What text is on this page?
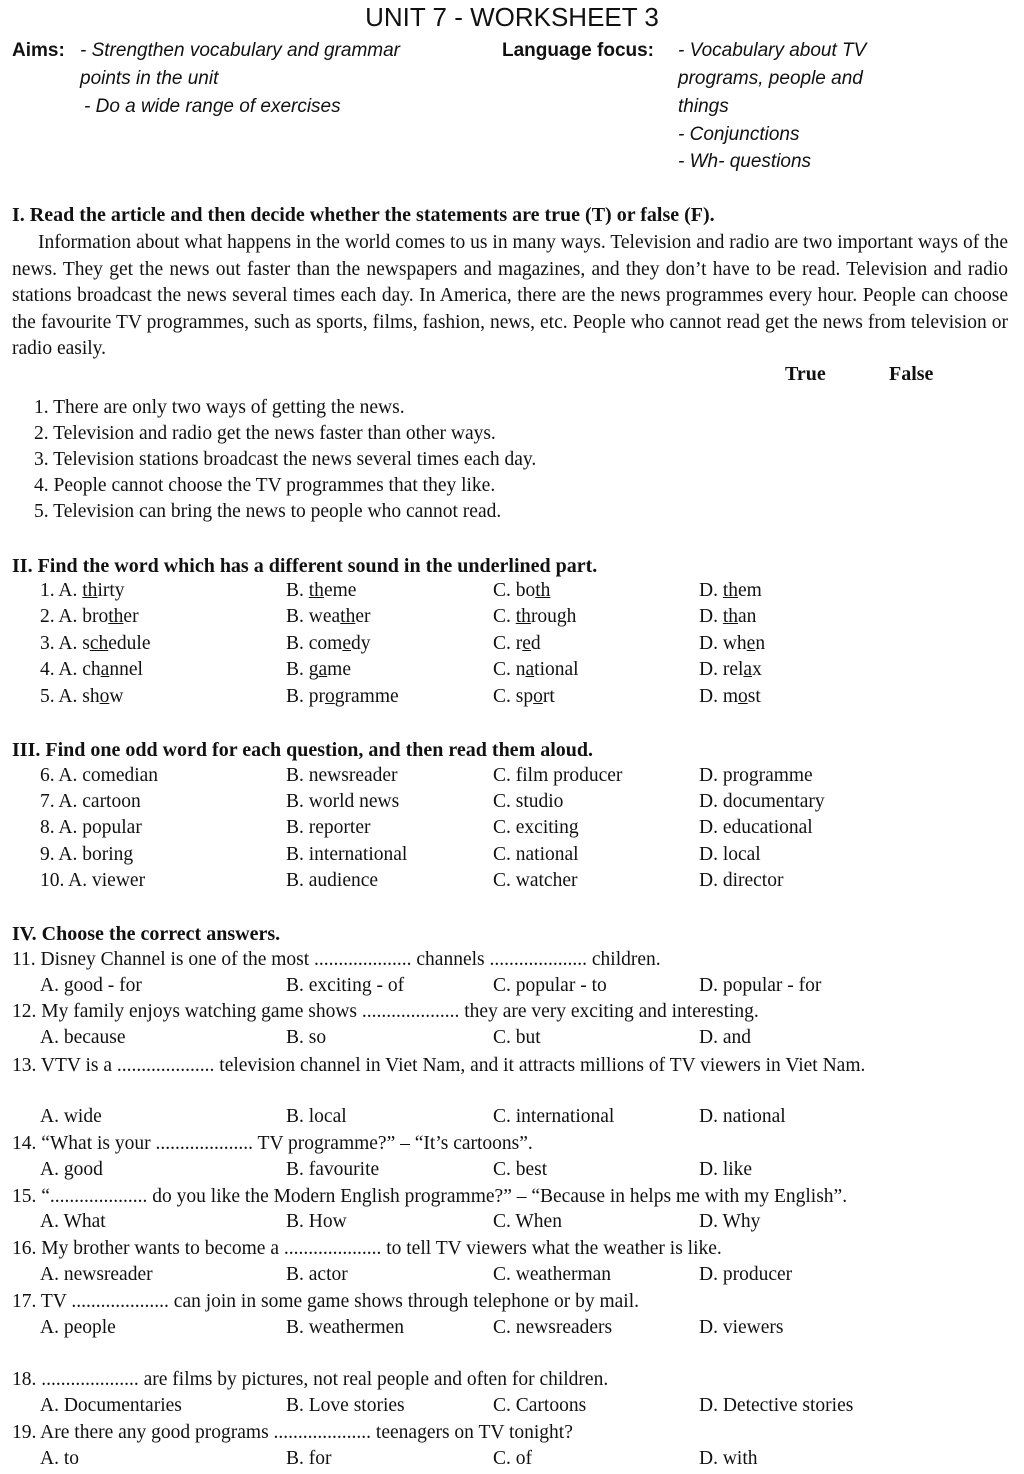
UNIT 7 - WORKSHEET 3
Aims: - Strengthen vocabulary and grammar
points in the unit
- Do a wide range of exercises
Language focus: - Vocabulary about TV
programs, people and
things
- Conjunctions
- Wh- questions
I. Read the article and then decide whether the statements are true (T) or false (F).
Information about what happens in the world comes to us in many ways. Television and radio are two important ways of the news. They get the news out faster than the newspapers and magazines, and they don’t have to be read. Television and radio stations broadcast the news several times each day. In America, there are the news programmes every hour. People can choose the favourite TV programmes, such as sports, films, fashion, news, etc. People who cannot read get the news from television or radio easily.
True	False
1. There are only two ways of getting the news.
2. Television and radio get the news faster than other ways.
3. Television stations broadcast the news several times each day.
4. People cannot choose the TV programmes that they like.
5. Television can bring the news to people who cannot read.
II. Find the word which has a different sound in the underlined part.
1. A. thirty	B. theme	C. both	D. them
2. A. brother	B. weather	C. through	D. than
3. A. schedule	B. comedy	C. red	D. when
4. A. channel	B. game	C. national	D. relax
5. A. show	B. programme	C. sport	D. most
III. Find one odd word for each question, and then read them aloud.
6. A. comedian	B. newsreader	C. film producer	D. programme
7. A. cartoon	B. world news	C. studio	D. documentary
8. A. popular	B. reporter	C. exciting	D. educational
9. A. boring	B. international	C. national	D. local
10. A. viewer	B. audience	C. watcher	D. director
IV. Choose the correct answers.
11. Disney Channel is one of the most .................... channels .................... children.
A. good - for	B. exciting - of	C. popular - to	D. popular - for
12. My family enjoys watching game shows .................... they are very exciting and interesting.
A. because	B. so	C. but	D. and
13. VTV is a .................... television channel in Viet Nam, and it attracts millions of TV viewers in Viet Nam.
A. wide	B. local	C. international	D. national
14. “What is your .................... TV programme?” – “It’s cartoons”.
A. good	B. favourite	C. best	D. like
15. “.................... do you like the Modern English programme?” – “Because in helps me with my English”.
A. What	B. How	C. When	D. Why
16. My brother wants to become a .................... to tell TV viewers what the weather is like.
A. newsreader	B. actor	C. weatherman	D. producer
17. TV .................... can join in some game shows through telephone or by mail.
A. people	B. weathermen	C. newsreaders	D. viewers
18. .................... are films by pictures, not real people and often for children.
A. Documentaries	B. Love stories	C. Cartoons	D. Detective stories
19. Are there any good programs .................... teenagers on TV tonight?
A. to	B. for	C. of	D. with
